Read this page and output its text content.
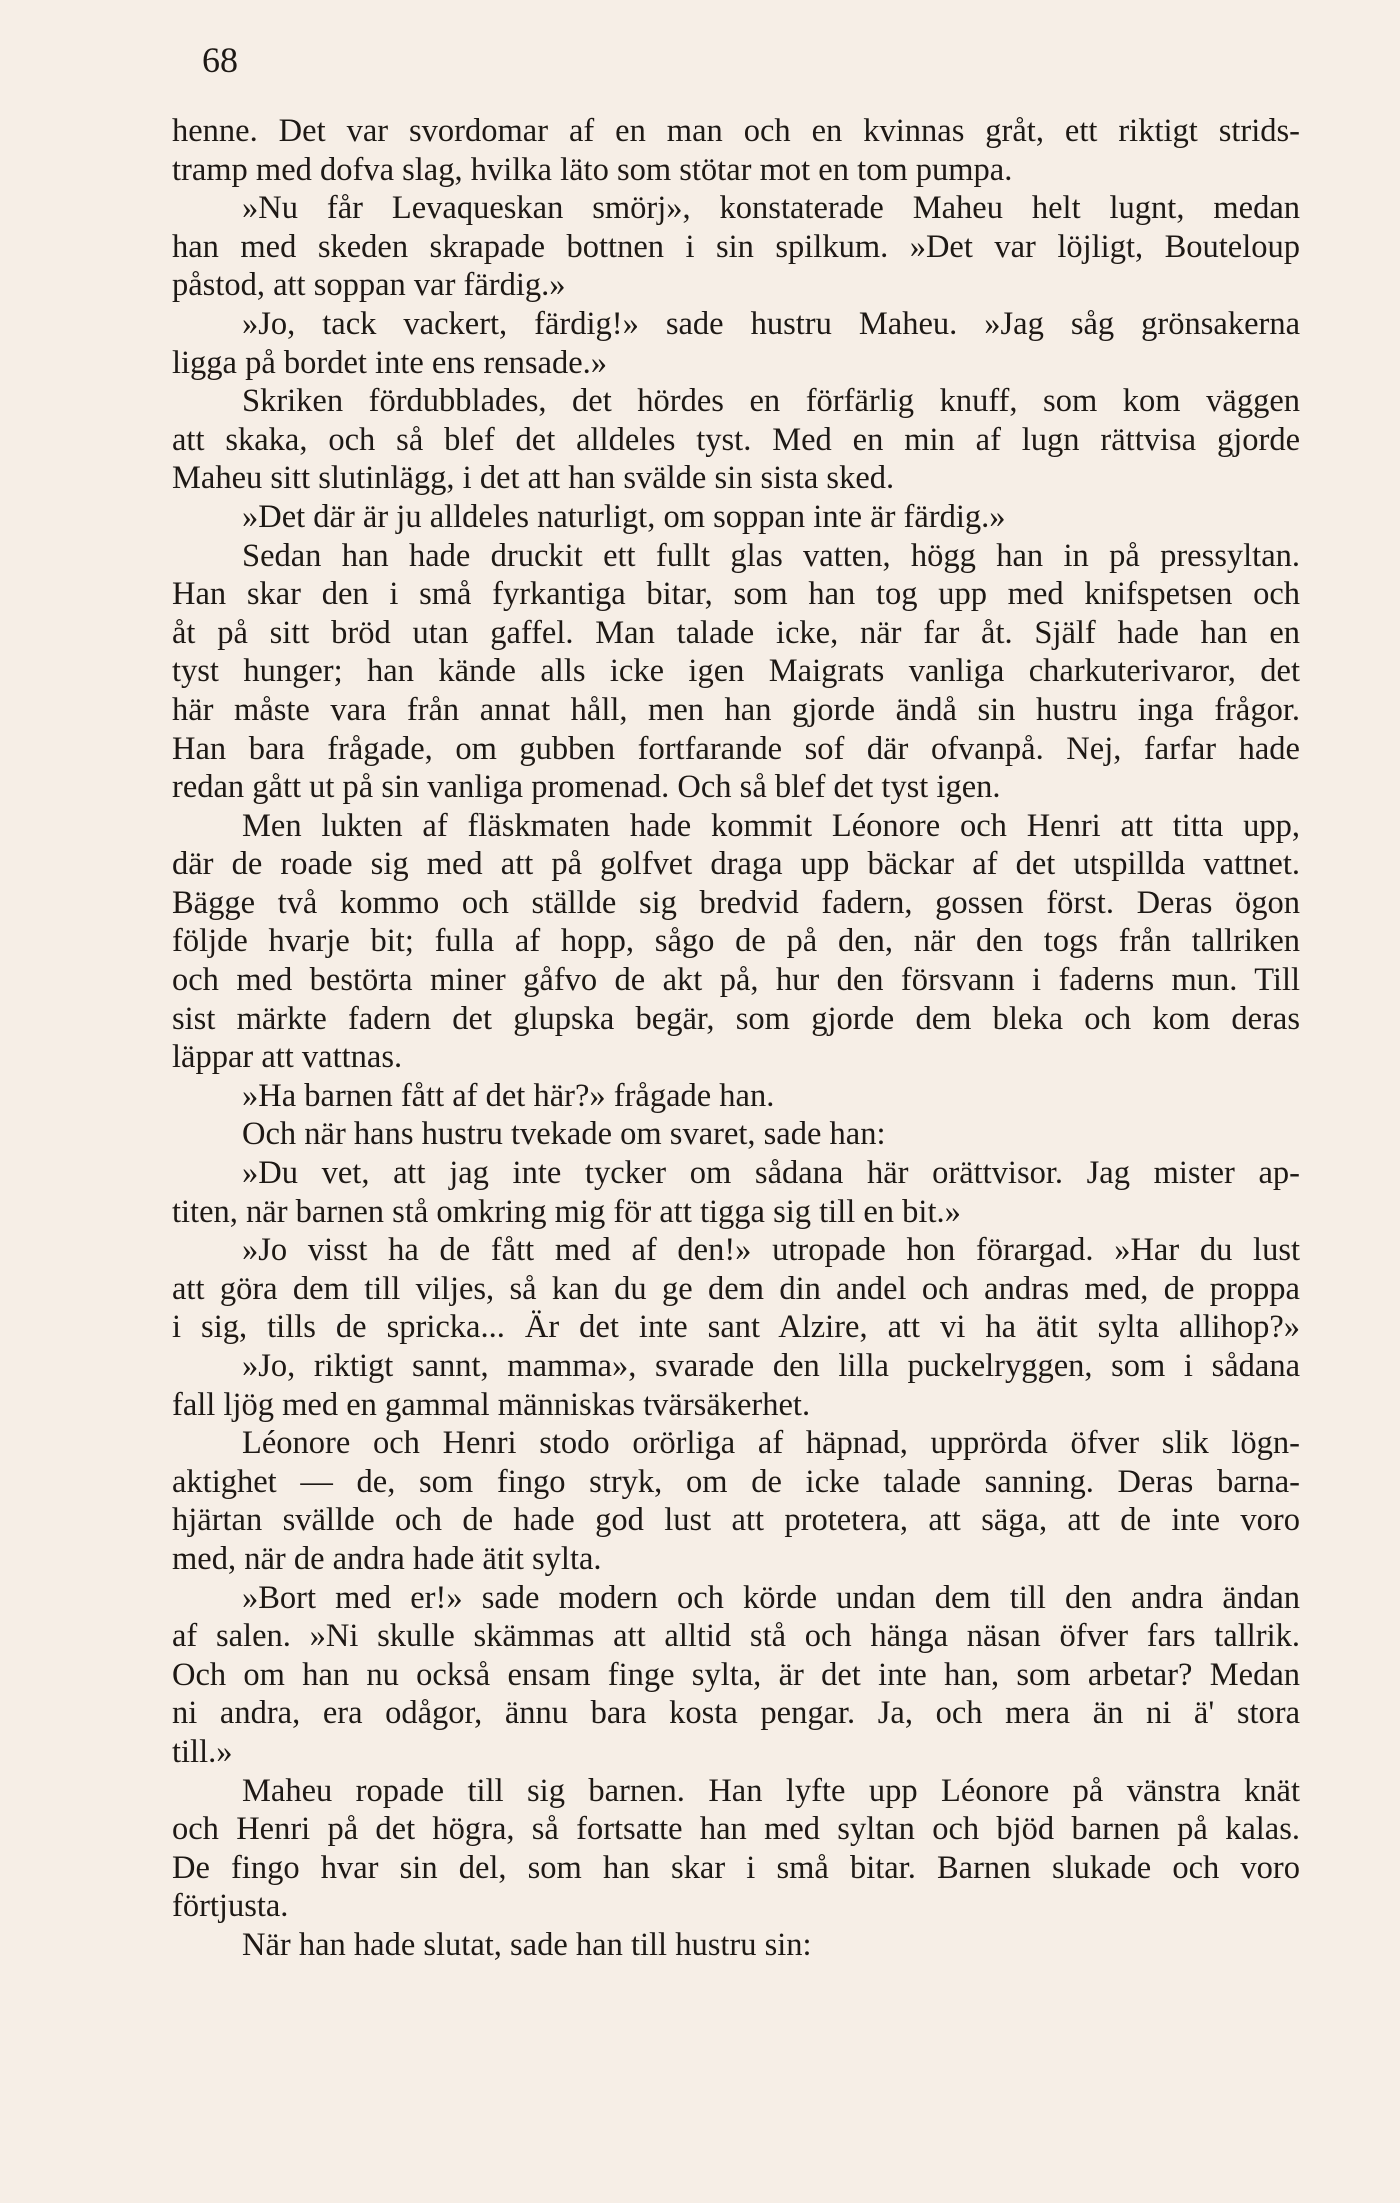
68

henne. Det var svordomar af en man och en kvinnas gråt, ett riktigt strids-
tramp med dofva slag, hvilka läto som stötar mot en tom pumpa.
»Nu får Levaqueskan smörj», konstaterade Maheu helt lugnt, medan
han med skeden skrapade bottnen i sin spilkum. »Det var löjligt, Bouteloup
påstod, att soppan var färdig.»
»Jo, tack vackert, färdig!» sade hustru Maheu. »Jag såg grönsakerna
ligga på bordet inte ens rensade.»
Skriken fördubblades, det hördes en förfärlig knuff, som kom väggen
att skaka, och så blef det alldeles tyst. Med en min af lugn rättvisa gjorde
Maheu sitt slutinlägg, i det att han svälde sin sista sked.
»Det där är ju alldeles naturligt, om soppan inte är färdig.»
Sedan han hade druckit ett fullt glas vatten, högg han in på pressyltan.
Han skar den i små fyrkantiga bitar, som han tog upp med knifspetsen och
åt på sitt bröd utan gaffel. Man talade icke, när far åt. Själf hade han en
tyst hunger; han kände alls icke igen Maigrats vanliga charkuterivaror, det
här måste vara från annat håll, men han gjorde ändå sin hustru inga frågor.
Han bara frågade, om gubben fortfarande sof där ofvanpå. Nej, farfar hade
redan gått ut på sin vanliga promenad. Och så blef det tyst igen.
Men lukten af fläskmaten hade kommit Léonore och Henri att titta upp,
där de roade sig med att på golfvet draga upp bäckar af det utspillda vattnet.
Bägge två kommo och ställde sig bredvid fadern, gossen först. Deras ögon
följde hvarje bit; fulla af hopp, sågo de på den, när den togs från tallriken
och med bestörta miner gåfvo de akt på, hur den försvann i faderns mun. Till
sist märkte fadern det glupska begär, som gjorde dem bleka och kom deras
läppar att vattnas.
»Ha barnen fått af det här?» frågade han.
Och när hans hustru tvekade om svaret, sade han:
»Du vet, att jag inte tycker om sådana här orättvisor. Jag mister ap-
titen, när barnen stå omkring mig för att tigga sig till en bit.»
»Jo visst ha de fått med af den!» utropade hon förargad. »Har du lust
att göra dem till viljes, så kan du ge dem din andel och andras med, de proppa
i sig, tills de spricka... Är det inte sant Alzire, att vi ha ätit sylta allihop?»
»Jo, riktigt sannt, mamma», svarade den lilla puckelryggen, som i sådana
fall ljög med en gammal människas tvärsäkerhet.
Léonore och Henri stodo orörliga af häpnad, upprörda öfver slik lögn-
aktighet — de, som fingo stryk, om de icke talade sanning. Deras barna-
hjärtan svällde och de hade god lust att protetera, att säga, att de inte voro
med, när de andra hade ätit sylta.
»Bort med er!» sade modern och körde undan dem till den andra ändan
af salen. »Ni skulle skämmas att alltid stå och hänga näsan öfver fars tallrik.
Och om han nu också ensam finge sylta, är det inte han, som arbetar? Medan
ni andra, era odågor, ännu bara kosta pengar. Ja, och mera än ni ä' stora
till.»
Maheu ropade till sig barnen. Han lyfte upp Léonore på vänstra knät
och Henri på det högra, så fortsatte han med syltan och bjöd barnen på kalas.
De fingo hvar sin del, som han skar i små bitar. Barnen slukade och voro
förtjusta.
När han hade slutat, sade han till hustru sin:
